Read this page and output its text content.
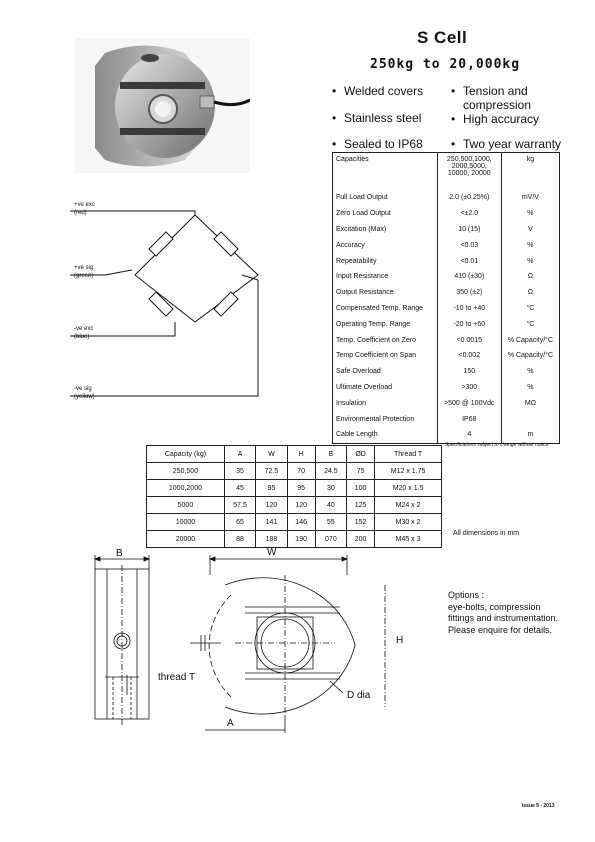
S Cell
250kg to 20,000kg
• Welded covers	• Tension and compression
• Stainless steel	• High accuracy
• Sealed to IP68	• Two year warranty
+ve exc
(red)
+ve sig
(green)
-ve exc
(blue)
-ve sig
(yellow)
Capacities	250,500,1000,
2000,5000,
10000, 20000	kg
Full Load Output	2.0 (±0.25%)	mV/V
Zero Load Output	<±2.0	%
Excitation (Max)	10 (15)	V
Accuracy	<0.03	%
Repeatability	<0.01	%
Input Resistance	410 (±30)	Ω
Output Resistance	350 (±2)	Ω
Compensated Temp. Range	-10 to +40	°C
Operating Temp. Range	-20 to +60	°C
Temp. Coefficient on Zero	<0.0015	% Capacity/°C
Temp Coefficient on Span	<0.002	% Capacity/°C
Safe Overload	150	%
Ultimate Overload	>300	%
Insulation	>500 @ 100Vdc	MΩ
Environmental Protection	IP68	
Cable Length	4	m
Specifications subject to change without notice
Capacity (kg)	A	W	H	B	ØD	Thread T
250,500	35	72.5	70	24.5	75	M12 x 1.75
1000,2000	45	95	95	30	100	M20 x 1.5
5000	57.5	120	120	40	125	M24 x 2
10000	65	141	146	55	152	M30 x 2
20000	88	188	190	070	200	M45 x 3
All dimensions in mm
B	W
H
A
thread T
D dia
Options :
eye-bolts, compression
fittings and instrumentation.
Please enquire for details.
Issue 5 - 2013
